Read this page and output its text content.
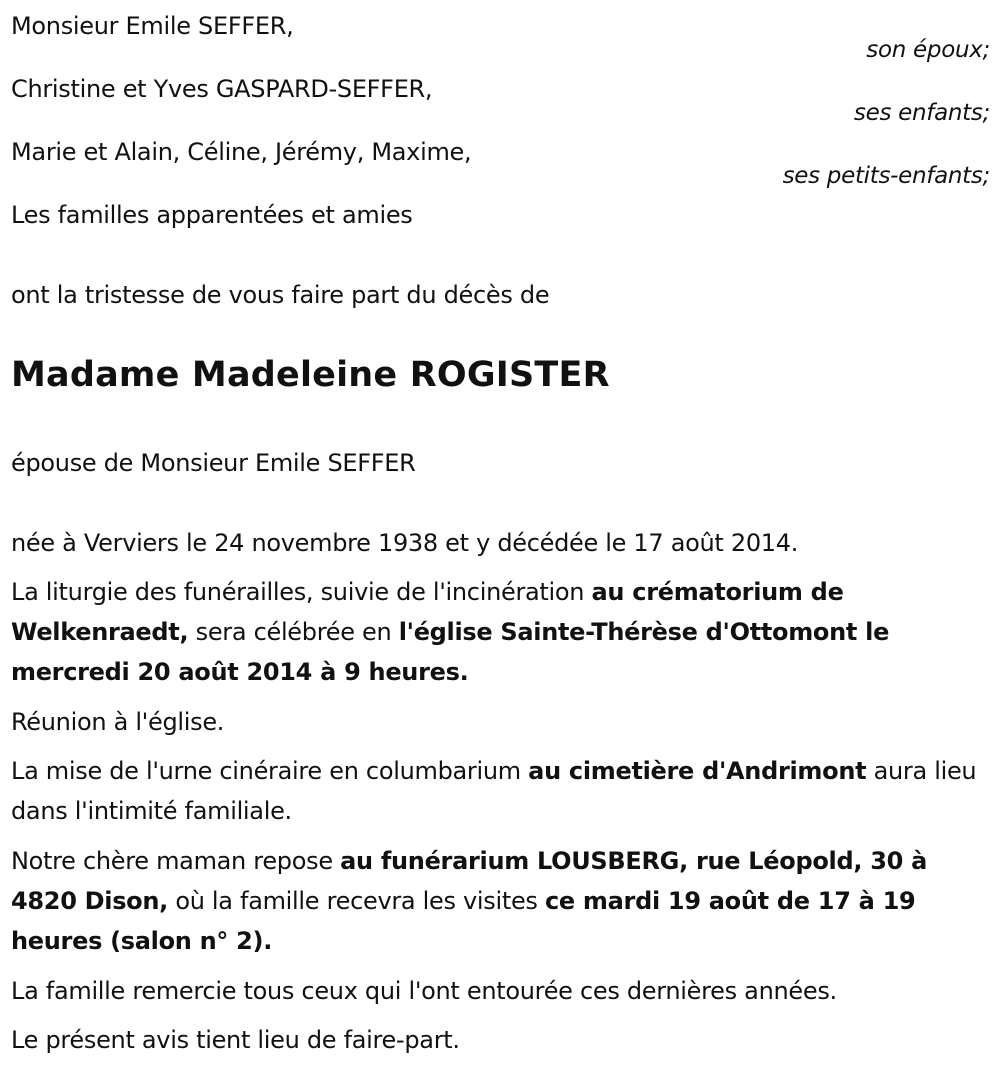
Monsieur Emile SEFFER,
son époux;
Christine et Yves GASPARD-SEFFER,
ses enfants;
Marie et Alain, Céline, Jérémy, Maxime,
ses petits-enfants;
Les familles apparentées et amies
ont la tristesse de vous faire part du décès de
Madame Madeleine ROGISTER
épouse de Monsieur Emile SEFFER
née à Verviers le 24 novembre 1938 et y décédée le 17 août 2014.
La liturgie des funérailles, suivie de l'incinération au crématorium de Welkenraedt, sera célébrée en l'église Sainte-Thérèse d'Ottomont le mercredi 20 août 2014 à 9 heures.
Réunion à l'église.
La mise de l'urne cinéraire en columbarium au cimetière d'Andrimont aura lieu dans l'intimité familiale.
Notre chère maman repose au funérarium LOUSBERG, rue Léopold, 30 à 4820 Dison, où la famille recevra les visites ce mardi 19 août de 17 à 19 heures (salon n° 2).
La famille remercie tous ceux qui l'ont entourée ces dernières années.
Le présent avis tient lieu de faire-part.
